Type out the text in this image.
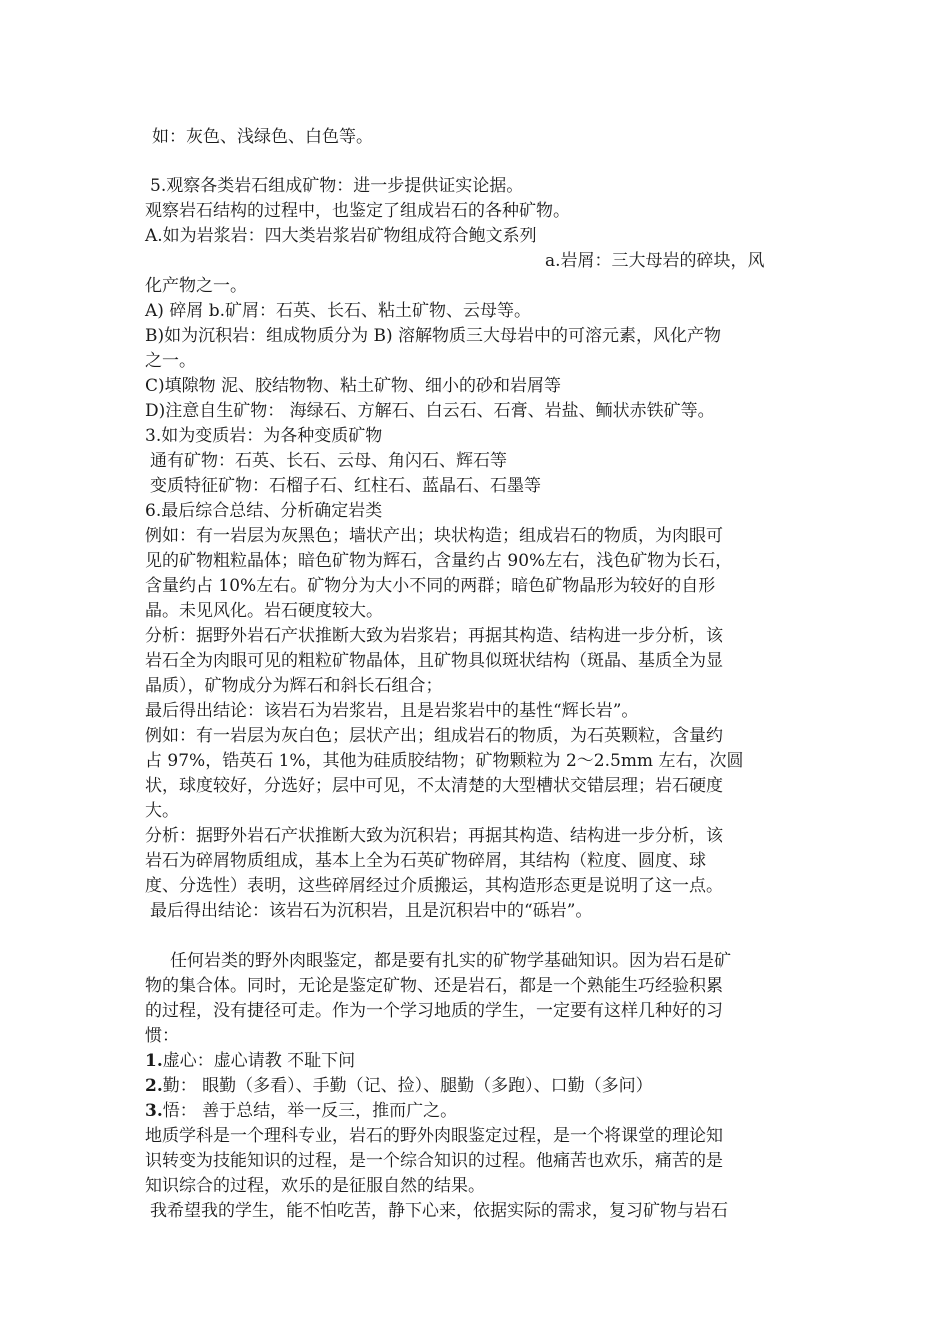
如：灰色、浅绿色、白色等。
5.观察各类岩石组成矿物：进一步提供证实论据。
观察岩石结构的过程中，也鉴定了组成岩石的各种矿物。
A.如为岩浆岩：四大类岩浆岩矿物组成符合鲍文系列
a.岩屑：三大母岩的碎块，风
化产物之一。
A) 碎屑 b.矿屑：石英、长石、粘土矿物、云母等。
B)如为沉积岩：组成物质分为 B) 溶解物质三大母岩中的可溶元素，风化产物
之一。
C)填隙物 泥、胶结物物、粘土矿物、细小的砂和岩屑等
D)注意自生矿物： 海绿石、方解石、白云石、石膏、岩盐、鲕状赤铁矿等。
3.如为变质岩：为各种变质矿物
通有矿物：石英、长石、云母、角闪石、辉石等
变质特征矿物：石榴子石、红柱石、蓝晶石、石墨等
6.最后综合总结、分析确定岩类
例如：有一岩层为灰黑色；墙状产出；块状构造；组成岩石的物质，为肉眼可
见的矿物粗粒晶体；暗色矿物为辉石，含量约占 90%左右，浅色矿物为长石，
含量约占 10%左右。矿物分为大小不同的两群；暗色矿物晶形为较好的自形
晶。未见风化。岩石硬度较大。
分析：据野外岩石产状推断大致为岩浆岩；再据其构造、结构进一步分析，该
岩石全为肉眼可见的粗粒矿物晶体，且矿物具似斑状结构（斑晶、基质全为显
晶质），矿物成分为辉石和斜长石组合；
最后得出结论：该岩石为岩浆岩，且是岩浆岩中的基性“辉长岩”。
例如：有一岩层为灰白色；层状产出；组成岩石的物质，为石英颗粒，含量约
占 97%，锆英石 1%，其他为硅质胶结物；矿物颗粒为 2～2.5mm 左右，次圆
状，球度较好，分选好；层中可见，不太清楚的大型槽状交错层理；岩石硬度
大。
分析：据野外岩石产状推断大致为沉积岩；再据其构造、结构进一步分析，该
岩石为碎屑物质组成，基本上全为石英矿物碎屑，其结构（粒度、圆度、球
度、分选性）表明，这些碎屑经过介质搬运，其构造形态更是说明了这一点。
最后得出结论：该岩石为沉积岩，且是沉积岩中的“砾岩”。
任何岩类的野外肉眼鉴定，都是要有扎实的矿物学基础知识。因为岩石是矿
物的集合体。同时，无论是鉴定矿物、还是岩石，都是一个熟能生巧经验积累
的过程，没有捷径可走。作为一个学习地质的学生，一定要有这样几种好的习
惯：
1.虚心：虚心请教 不耻下问
2.勤： 眼勤（多看）、手勤（记、捡）、腿勤（多跑）、口勤（多问）
3.悟： 善于总结，举一反三，推而广之。
地质学科是一个理科专业，岩石的野外肉眼鉴定过程，是一个将课堂的理论知
识转变为技能知识的过程，是一个综合知识的过程。他痛苦也欢乐，痛苦的是
知识综合的过程，欢乐的是征服自然的结果。
我希望我的学生，能不怕吃苦，静下心来，依据实际的需求，复习矿物与岩石
